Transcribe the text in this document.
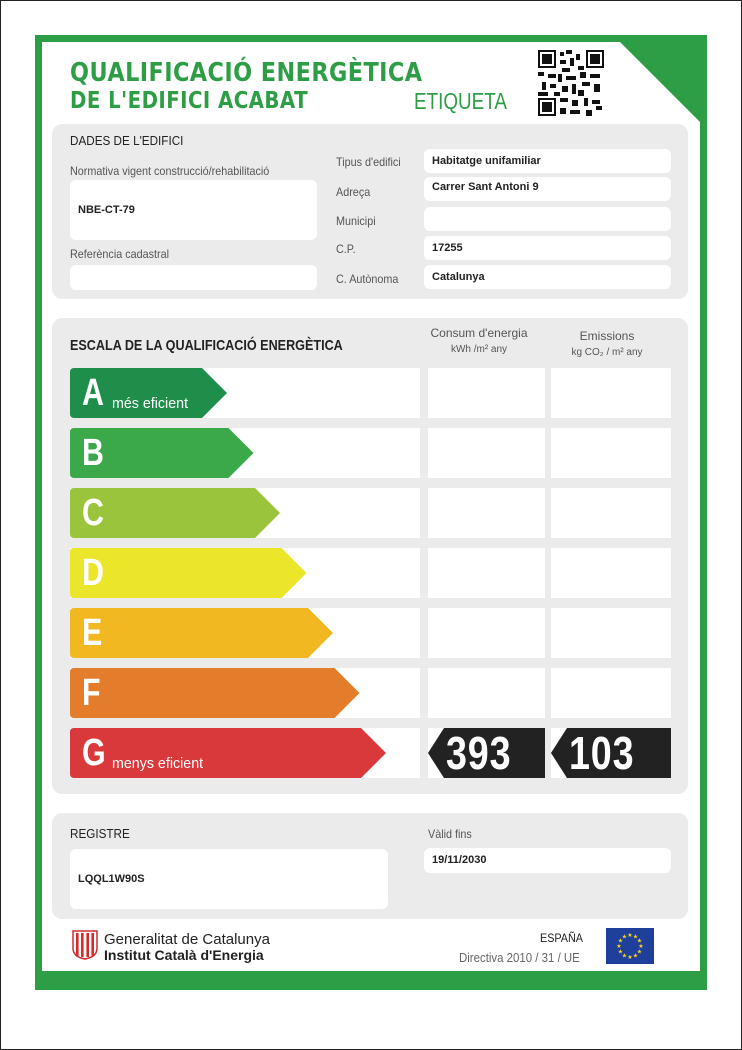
QUALIFICACIÓ ENERGÈTICA
DE L'EDIFICI ACABAT	ETIQUETA
DADES DE L'EDIFICI
Normativa vigent construcció/rehabilitació
NBE-CT-79
Referència cadastral
Tipus d'edifici	Habitatge unifamiliar
Adreça	Carrer Sant Antoni 9
Municipi
C.P.	17255
C. Autònoma	Catalunya
ESCALA DE LA QUALIFICACIÓ ENERGÈTICA
Consum d'energia
kWh /m² any
Emissions
kg CO₂ / m² any
A més eficient
B
C
D
E
F
G menys eficient	393	103
REGISTRE
LQQL1W90S
Vàlid fins
19/11/2030
Generalitat de Catalunya
Institut Català d'Energia
ESPAÑA
Directiva 2010 / 31 / UE
★
★
★
★
★
★
★
★
★ ★ ★
★
